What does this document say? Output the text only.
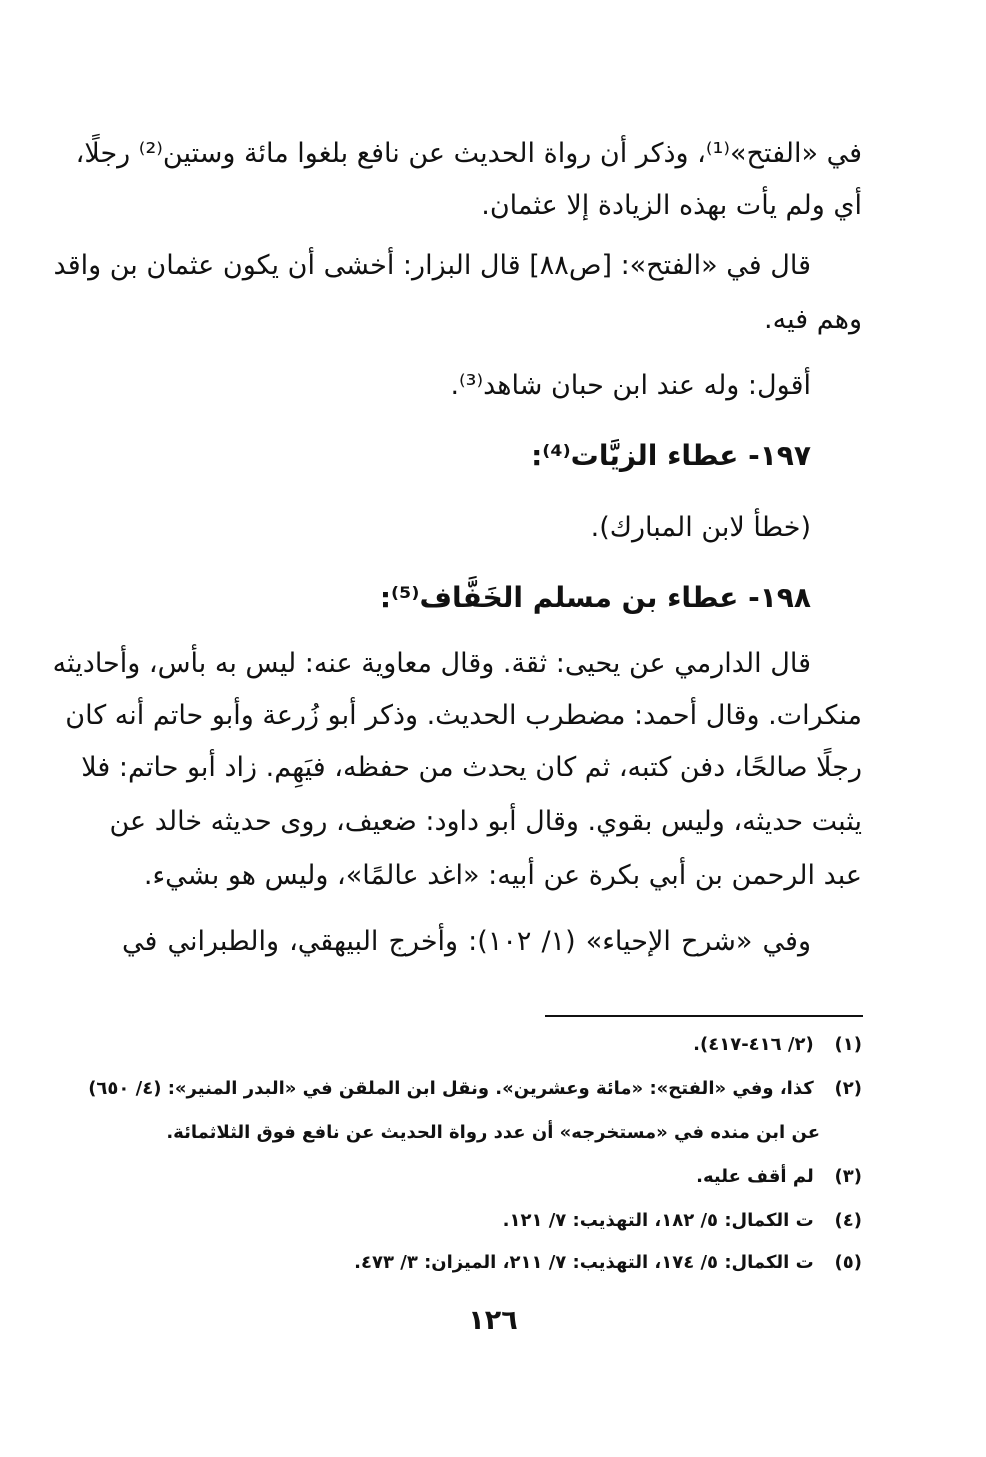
في «الفتح»⁽¹⁾، وذكر أن رواة الحديث عن نافع بلغوا مائة وستين⁽²⁾ رجلًا،
أي ولم يأت بهذه الزيادة إلا عثمان.
قال في «الفتح»: [ص٨٨] قال البزار: أخشى أن يكون عثمان بن واقد
وهم فيه.
أقول: وله عند ابن حبان شاهد⁽³⁾.
١٩٧- عطاء الزيَّات⁽⁴⁾:
(خطأ لابن المبارك).
١٩٨- عطاء بن مسلم الخَفَّاف⁽⁵⁾:
قال الدارمي عن يحيى: ثقة. وقال معاوية عنه: ليس به بأس، وأحاديثه
منكرات. وقال أحمد: مضطرب الحديث. وذكر أبو زُرعة وأبو حاتم أنه كان
رجلًا صالحًا، دفن كتبه، ثم كان يحدث من حفظه، فيَهِم. زاد أبو حاتم: فلا
يثبت حديثه، وليس بقوي. وقال أبو داود: ضعيف، روى حديثه خالد عن
عبد الرحمن بن أبي بكرة عن أبيه: «اغد عالمًا»، وليس هو بشيء.
وفي «شرح الإحياء» (١/ ١٠٢): وأخرج البيهقي، والطبراني في
(١) (٢/ ٤١٦-٤١٧).
(٢) كذا، وفي «الفتح»: «مائة وعشرين». ونقل ابن الملقن في «البدر المنير»: (٤/ ٦٥٠)
عن ابن منده في «مستخرجه» أن عدد رواة الحديث عن نافع فوق الثلاثمائة.
(٣) لم أقف عليه.
(٤) ت الكمال: ٥/ ١٨٢، التهذيب: ٧/ ١٢١.
(٥) ت الكمال: ٥/ ١٧٤، التهذيب: ٧/ ٢١١، الميزان: ٣/ ٤٧٣.
١٢٦
